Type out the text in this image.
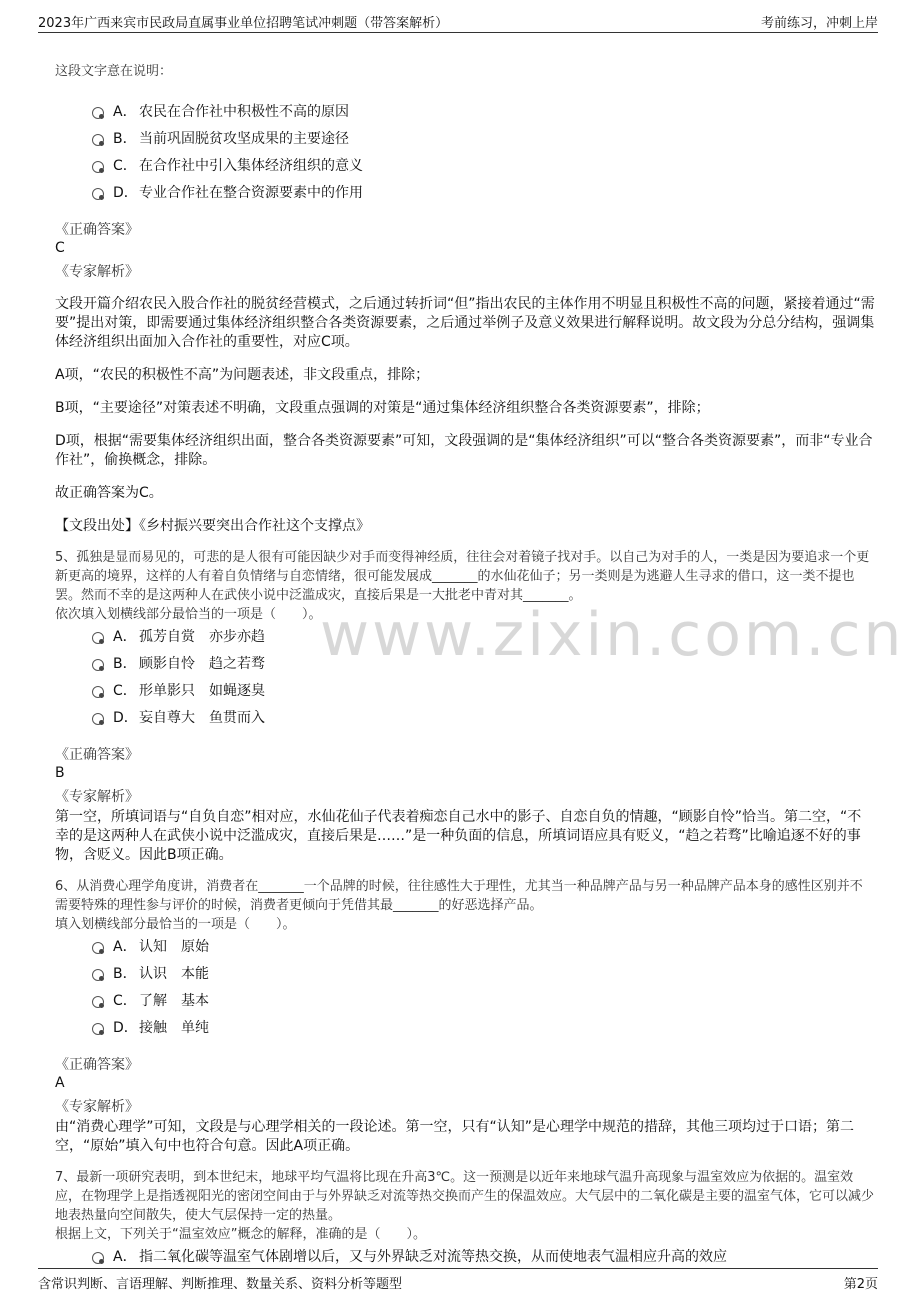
2023年广西来宾市民政局直属事业单位招聘笔试冲刺题（带答案解析）	考前练习，冲刺上岸
www.zixin.com.cn
这段文字意在说明：
A． 农民在合作社中积极性不高的原因
B． 当前巩固脱贫攻坚成果的主要途径
C． 在合作社中引入集体经济组织的意义
D．专业合作社在整合资源要素中的作用
《正确答案》
C
《专家解析》
文段开篇介绍农民入股合作社的脱贫经营模式，之后通过转折词“但”指出农民的主体作用不明显且积极性不高的问题，紧接着通过“需要”提出对策，即需要通过集体经济组织整合各类资源要素，之后通过举例子及意义效果进行解释说明。故文段为分总分结构，强调集体经济组织出面加入合作社的重要性，对应C项。
A项，“农民的积极性不高”为问题表述，非文段重点，排除；
B项，“主要途径”对策表述不明确，文段重点强调的对策是“通过集体经济组织整合各类资源要素”，排除；
D项，根据“需要集体经济组织出面，整合各类资源要素”可知，文段强调的是“集体经济组织”可以“整合各类资源要素”，而非“专业合作社”，偷换概念，排除。
故正确答案为C。
【文段出处】《乡村振兴要突出合作社这个支撑点》

5、孤独是显而易见的，可悲的是人很有可能因缺少对手而变得神经质，往往会对着镜子找对手。以自己为对手的人，一类是因为要追求一个更新更高的境界，这样的人有着自负情绪与自恋情绪，很可能发展成_______的水仙花仙子；另一类则是为逃避人生寻求的借口，这一类不提也罢。然而不幸的是这两种人在武侠小说中泛滥成灾，直接后果是一大批老中青对其_______。

依次填入划横线部分最恰当的一项是（　　）。

A． 孤芳自赏　亦步亦趋
B． 顾影自怜　趋之若骛
C． 形单影只　如蝇逐臭
D．妄自尊大　鱼贯而入
《正确答案》
B
《专家解析》
第一空，所填词语与“自负自恋”相对应，水仙花仙子代表着痴恋自己水中的影子、自恋自负的情趣，“顾影自怜”恰当。第二空，“不幸的是这两种人在武侠小说中泛滥成灾，直接后果是……”是一种负面的信息，所填词语应具有贬义，“趋之若骛”比喻追逐不好的事物，含贬义。因此B项正确。

6、从消费心理学角度讲，消费者在_______一个品牌的时候，往往感性大于理性，尤其当一种品牌产品与另一种品牌产品本身的感性区别并不需要特殊的理性参与评价的时候，消费者更倾向于凭借其最_______的好恶选择产品。

填入划横线部分最恰当的一项是（　　）。

A． 认知　原始
B． 认识　本能
C． 了解　基本
D．接触　单纯
《正确答案》
A
《专家解析》
由“消费心理学”可知，文段是与心理学相关的一段论述。第一空，只有“认知”是心理学中规范的措辞，其他三项均过于口语；第二空，“原始”填入句中也符合句意。因此A项正确。

7、最新一项研究表明，到本世纪末，地球平均气温将比现在升高3℃。这一预测是以近年来地球气温升高现象与温室效应为依据的。温室效应，在物理学上是指透视阳光的密闭空间由于与外界缺乏对流等热交换而产生的保温效应。大气层中的二氧化碳是主要的温室气体，它可以减少地表热量向空间散失，使大气层保持一定的热量。

根据上文，下列关于“温室效应”概念的解释，准确的是（　　）。

A． 指二氧化碳等温室气体剧增以后，又与外界缺乏对流等热交换，从而使地表气温相应升高的效应
含常识判断、言语理解、判断推理、数量关系、资料分析等题型	第2页
